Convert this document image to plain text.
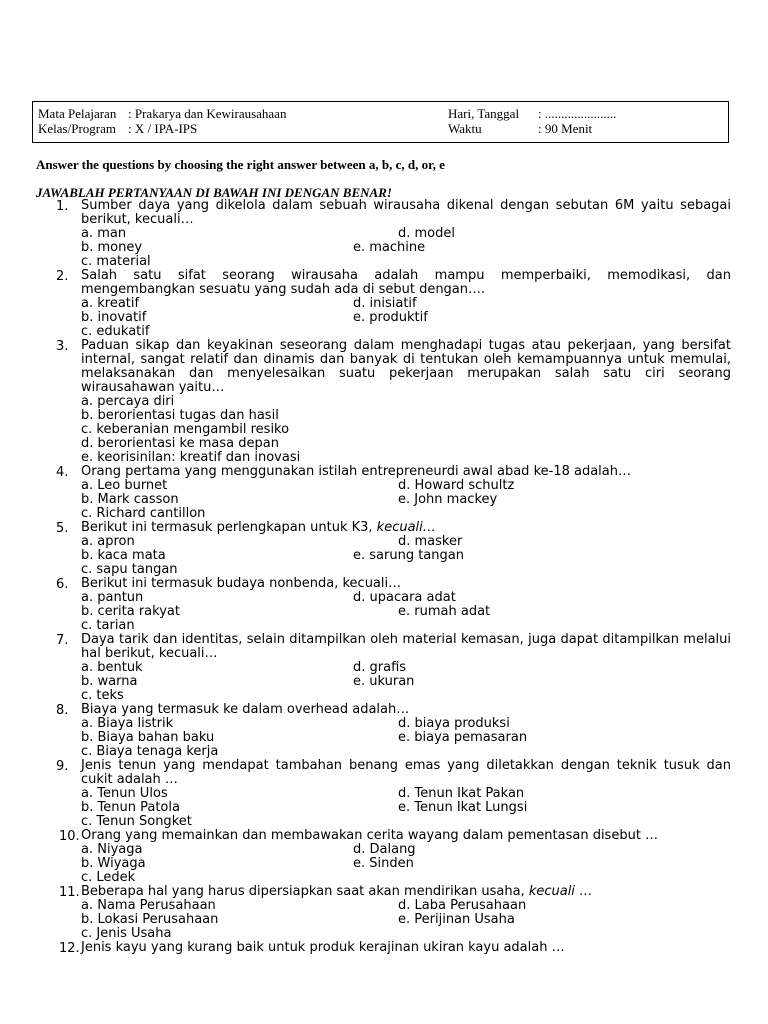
Mata Pelajaran : Prakarya dan Kewirausahaan	Hari, Tanggal : ......................
Kelas/Program : X / IPA-IPS	Waktu	: 90 Menit
Answer the questions by choosing the right answer between a, b, c, d, or, e
JAWABLAH PERTANYAAN DI BAWAH INI DENGAN BENAR!
1. Sumber daya yang dikelola dalam sebuah wirausaha dikenal dengan sebutan 6M yaitu sebagai berikut, kecuali…
a. man	d. model
b. money	e. machine
c. material
2. Salah satu sifat seorang wirausaha adalah mampu memperbaiki, memodikasi, dan mengembangkan sesuatu yang sudah ada di sebut dengan….
a. kreatif	d. inisiatif
b. inovatif	e. produktif
c. edukatif
3. Paduan sikap dan keyakinan seseorang dalam menghadapi tugas atau pekerjaan, yang bersifat internal, sangat relatif dan dinamis dan banyak di tentukan oleh kemampuannya untuk memulai, melaksanakan dan menyelesaikan suatu pekerjaan merupakan salah satu ciri seorang wirausahawan yaitu…
a. percaya diri
b. berorientasi tugas dan hasil
c. keberanian mengambil resiko
d. berorientasi ke masa depan
e. keorisinilan: kreatif dan inovasi
4. Orang pertama yang menggunakan istilah entrepreneurdi awal abad ke-18 adalah…
a. Leo burnet	d. Howard schultz
b. Mark casson	e. John mackey
c. Richard cantillon
5. Berikut ini termasuk perlengkapan untuk K3, kecuali…
a. apron	d. masker
b. kaca mata	e. sarung tangan
c. sapu tangan
6. Berikut ini termasuk budaya nonbenda, kecuali…
a. pantun	d. upacara adat
b. cerita rakyat	e. rumah adat
c. tarian
7. Daya tarik dan identitas, selain ditampilkan oleh material kemasan, juga dapat ditampilkan melalui hal berikut, kecuali…
a. bentuk	d. grafis
b. warna	e. ukuran
c. teks
8. Biaya yang termasuk ke dalam overhead adalah…
a. Biaya listrik	d. biaya produksi
b. Biaya bahan baku	e. biaya pemasaran
c. Biaya tenaga kerja
9. Jenis tenun yang mendapat tambahan benang emas yang diletakkan dengan teknik tusuk dan cukit adalah …
a. Tenun Ulos	d. Tenun Ikat Pakan
b. Tenun Patola	e. Tenun Ikat Lungsi
c. Tenun Songket
10. Orang yang memainkan dan membawakan cerita wayang dalam pementasan disebut …
a. Niyaga	d. Dalang
b. Wiyaga	e. Sinden
c. Ledek
11. Beberapa hal yang harus dipersiapkan saat akan mendirikan usaha, kecuali …
a. Nama Perusahaan	d. Laba Perusahaan
b. Lokasi Perusahaan	e. Perijinan Usaha
c. Jenis Usaha
12. Jenis kayu yang kurang baik untuk produk kerajinan ukiran kayu adalah …
